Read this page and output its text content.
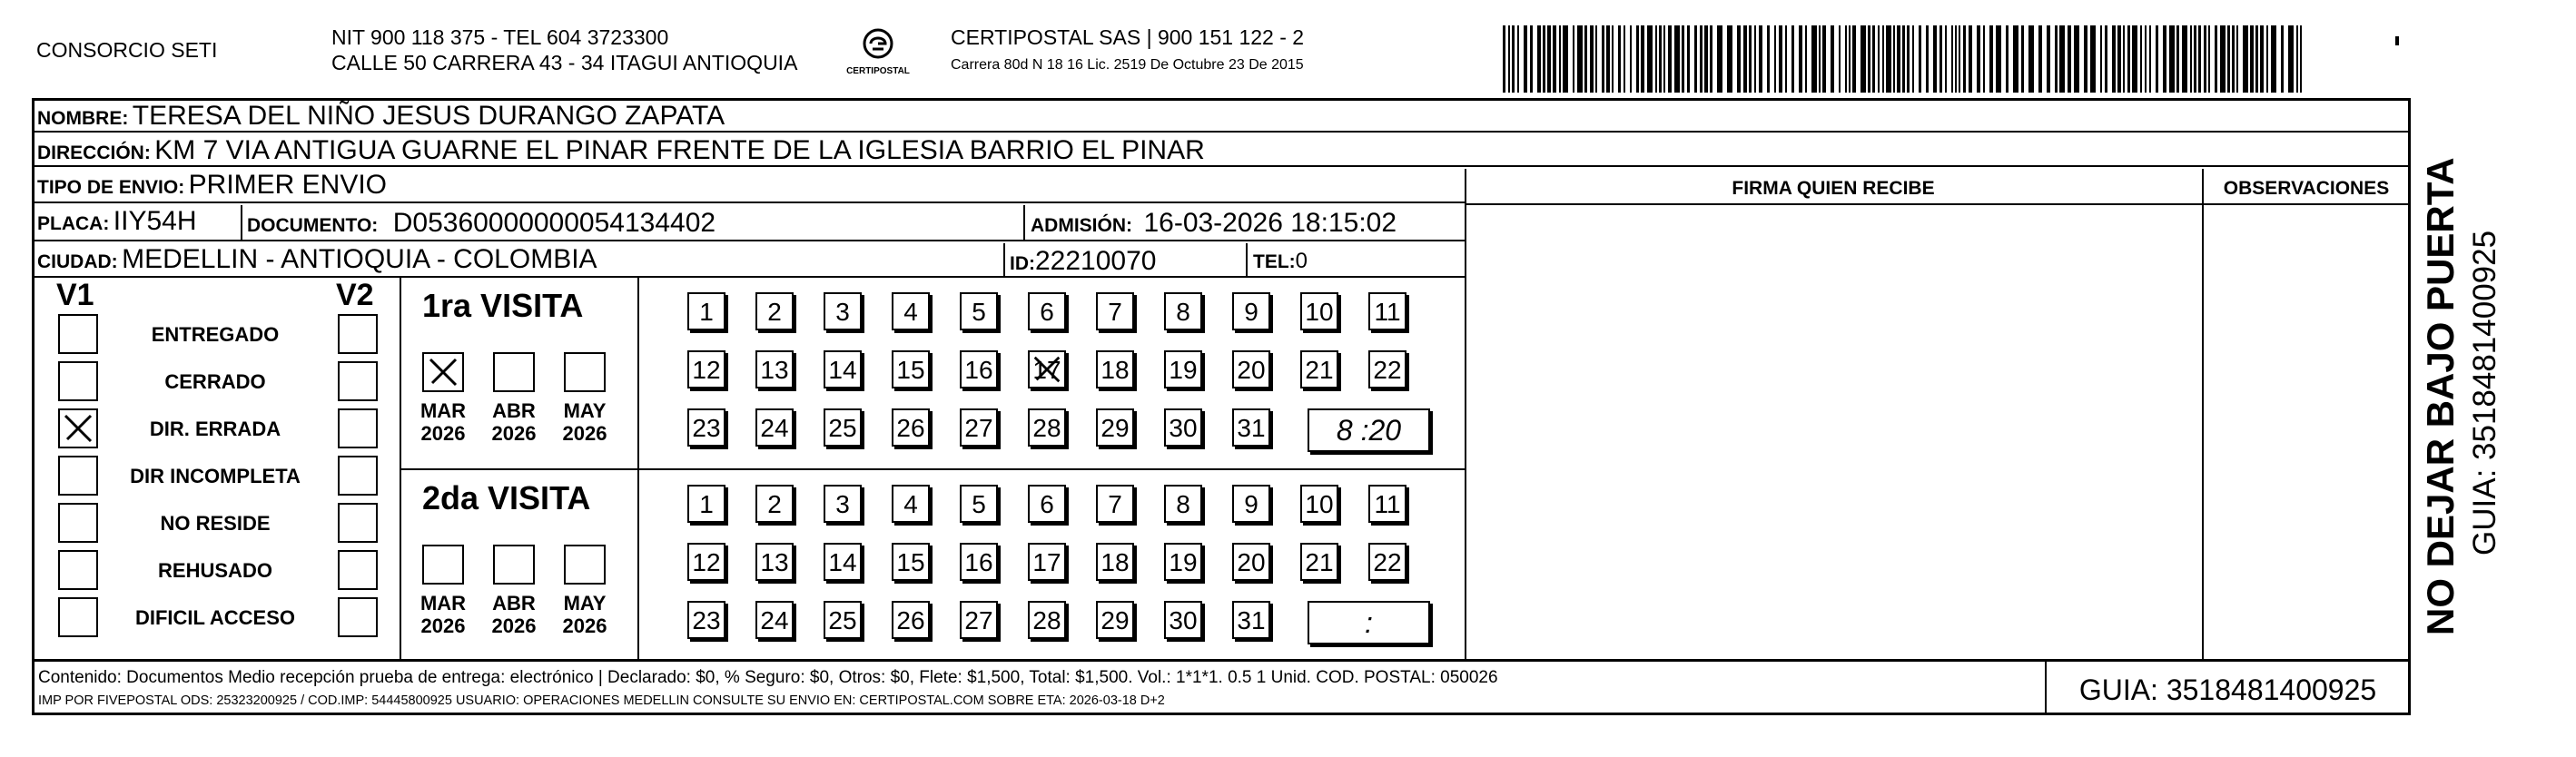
CONSORCIO SETI
NIT 900 118 375 - TEL 604 3723300
CALLE 50 CARRERA 43 - 34 ITAGUI ANTIOQUIA	CERTIPOSTAL
CERTIPOSTAL SAS | 900 151 122 - 2
Carrera 80d N 18 16 Lic. 2519 De Octubre 23 De 2015
NOMBRE: TERESA DEL NIÑO JESUS DURANGO ZAPATA
DIRECCIÓN: KM 7 VIA ANTIGUA GUARNE EL PINAR FRENTE DE LA IGLESIA BARRIO EL PINAR
TIPO DE ENVIO: PRIMER ENVIO	FIRMA QUIEN RECIBE	OBSERVACIONES
PLACA: IIY54H	DOCUMENTO: D05360000000054134402	ADMISIÓN: 16-03-2026 18:15:02
CIUDAD: MEDELLIN - ANTIOQUIA - COLOMBIA	ID:22210070	TEL:0
V1	V2
ENTREGADO
CERRADO
DIR. ERRADA
DIR INCOMPLETA
NO RESIDE
REHUSADO
DIFICIL ACCESO
1ra VISITA
MAR
2026
ABR
2026
MAY
2026
1	2	3	4	5	6	7	8	9	10 11
12 13 14 15 16 17 18 19 20 21 22
23 24 25 26 27 28 29 30 31	8 :20
2da VISITA
MAR
2026
ABR
2026
MAY
2026
1	2	3	4	5	6	7	8	9	10 11
12 13 14 15 16 17 18 19 20 21 22
23 24 25 26 27 28 29 30 31	:
Contenido: Documentos Medio recepción prueba de entrega: electrónico | Declarado: $0, % Seguro: $0, Otros: $0, Flete: $1,500, Total: $1,500. Vol.: 1*1*1. 0.5 1 Unid. COD. POSTAL: 050026
IMP POR FIVEPOSTAL ODS: 25323200925 / COD.IMP: 54445800925 USUARIO: OPERACIONES MEDELLIN CONSULTE SU ENVIO EN: CERTIPOSTAL.COM SOBRE ETA: 2026-03-18 D+2	GUIA: 3518481400925
NO DEJAR BAJO PUERTA GUIA: 3518481400925
